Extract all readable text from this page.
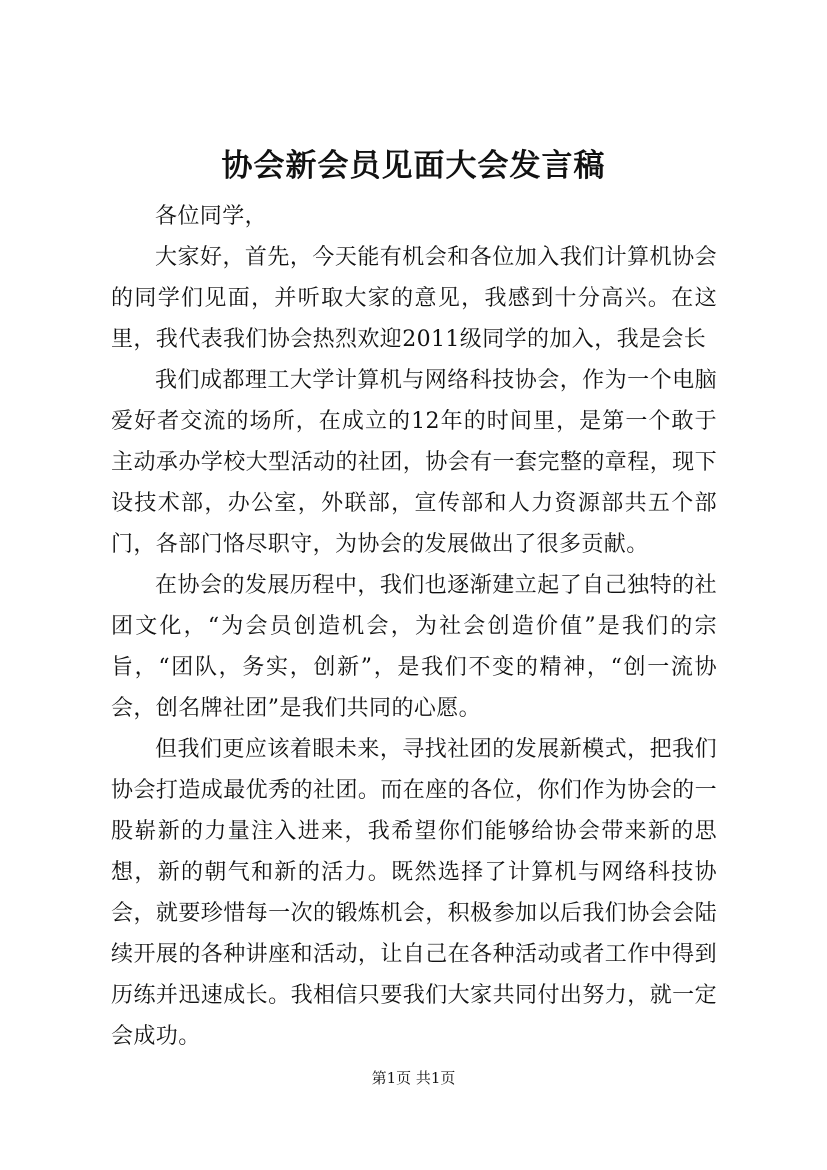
协会新会员见面大会发言稿

各位同学，

大家好，首先，今天能有机会和各位加入我们计算机协会的同学们见面，并听取大家的意见，我感到十分高兴。在这里，我代表我们协会热烈欢迎2011级同学的加入，我是会长

我们成都理工大学计算机与网络科技协会，作为一个电脑爱好者交流的场所，在成立的12年的时间里，是第一个敢于主动承办学校大型活动的社团，协会有一套完整的章程，现下设技术部，办公室，外联部，宣传部和人力资源部共五个部门，各部门恪尽职守，为协会的发展做出了很多贡献。

在协会的发展历程中，我们也逐渐建立起了自己独特的社团文化，“为会员创造机会，为社会创造价值”是我们的宗旨，“团队，务实，创新”，是我们不变的精神，“创一流协会，创名牌社团”是我们共同的心愿。

但我们更应该着眼未来，寻找社团的发展新模式，把我们协会打造成最优秀的社团。而在座的各位，你们作为协会的一股崭新的力量注入进来，我希望你们能够给协会带来新的思想，新的朝气和新的活力。既然选择了计算机与网络科技协会，就要珍惜每一次的锻炼机会，积极参加以后我们协会会陆续开展的各种讲座和活动，让自己在各种活动或者工作中得到历练并迅速成长。我相信只要我们大家共同付出努力，就一定会成功。

第1页 共1页
